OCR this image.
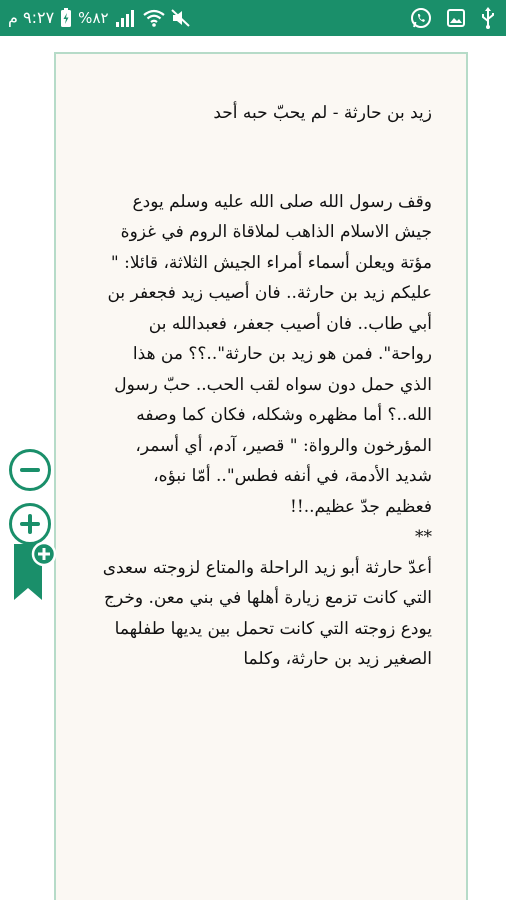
٩:٢٧ م %٨٢

زيد بن حارثة - لم يحبّ حبه أحد

وقف رسول الله صلى الله عليه وسلم يودع جيش الاسلام الذاهب لملاقاة الروم في غزوة مؤتة ويعلن أسماء أمراء الجيش الثلاثة، قائلا: " عليكم زيد بن حارثة.. فان أصيب زيد فجعفر بن أبي طاب.. فان أصيب جعفر، فعبدالله بن رواحة". فمن هو زيد بن حارثة"..؟؟ من هذا الذي حمل دون سواه لقب الحب.. حبّ رسول الله..؟ أما مظهره وشكله، فكان كما وصفه المؤرخون والرواة: " قصير، آدم، أي أسمر، شديد الأدمة، في أنفه فطس".. أمّا نبؤه، فعظيم جدّ عظيم..!!

**

أعدّ حارثة أبو زيد الراحلة والمتاع لزوجته سعدى التي كانت تزمع زيارة أهلها في بني معن. وخرج يودع زوجته التي كانت تحمل بين يديها طفلهما الصغير زيد بن حارثة، وكلما
